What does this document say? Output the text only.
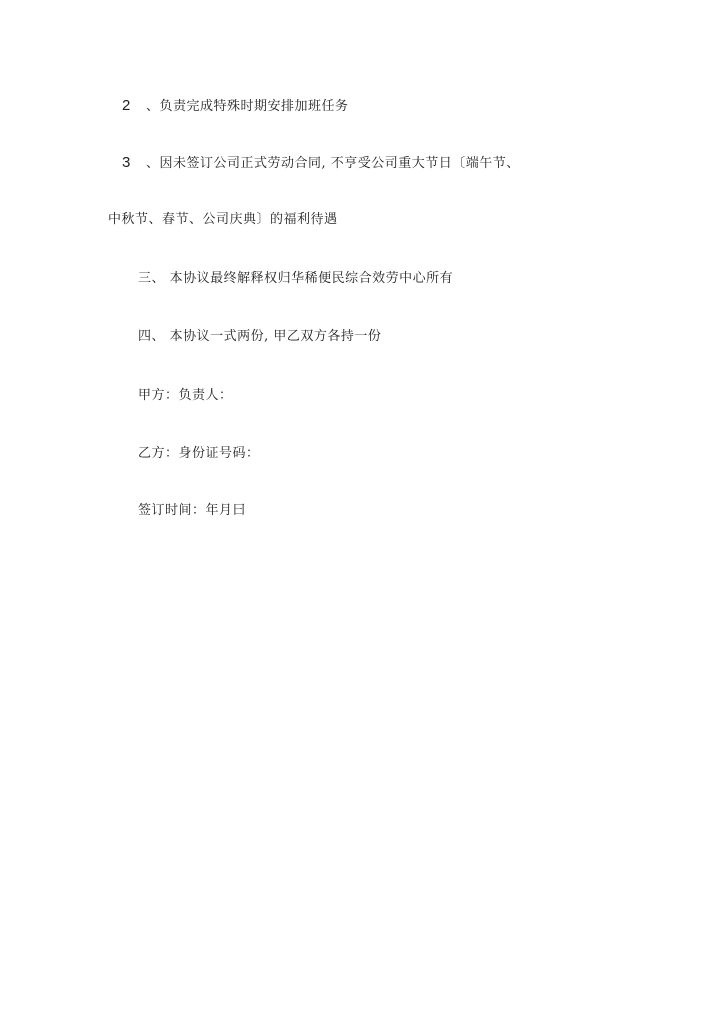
2 、负责完成特殊时期安排加班任务
3 、因未签订公司正式劳动合同, 不亨受公司重大节日〔端午节、
中秋节、春节、公司庆典〕的福利待遇
三、 本协议最终解释权归华稀便民综合效劳中心所有
四、 本协议一式两份, 甲乙双方各持一份
甲方：负责人：
乙方：身份证号码：
签订时间：年月曰
